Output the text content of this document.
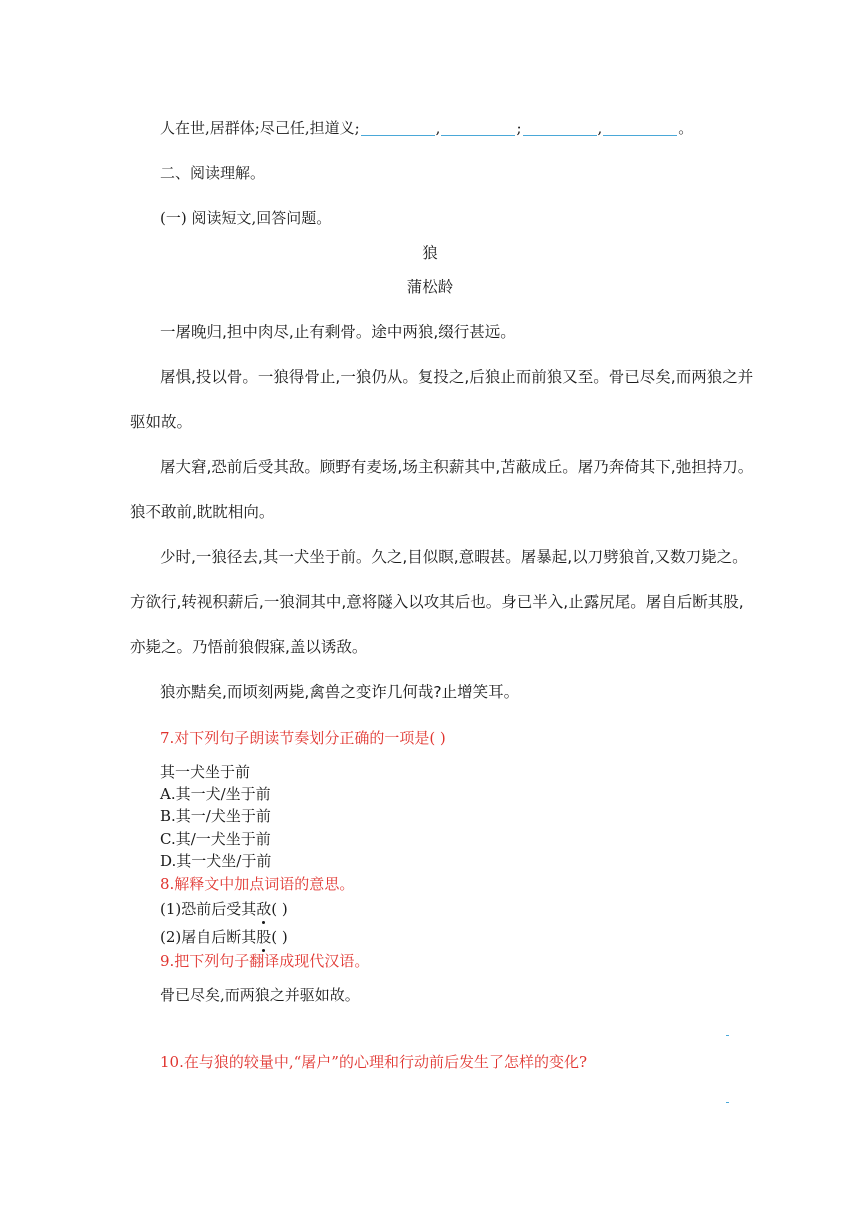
人在世,居群体;尽己任,担道义;	,	;	,	。
二、阅读理解。
(一) 阅读短文,回答问题。
狼
蒲松龄
一屠晚归,担中肉尽,止有剩骨。途中两狼,缀行甚远。
屠惧,投以骨。一狼得骨止,一狼仍从。复投之,后狼止而前狼又至。骨已尽矣,而两狼之并
驱如故。
屠大窘,恐前后受其敌。顾野有麦场,场主积薪其中,苫蔽成丘。屠乃奔倚其下,弛担持刀。
狼不敢前,眈眈相向。
少时,一狼径去,其一犬坐于前。久之,目似瞑,意暇甚。屠暴起,以刀劈狼首,又数刀毙之。
方欲行,转视积薪后,一狼洞其中,意将隧入以攻其后也。身已半入,止露尻尾。屠自后断其股,
亦毙之。乃悟前狼假寐,盖以诱敌。
狼亦黠矣,而顷刻两毙,禽兽之变诈几何哉?止增笑耳。
7.对下列句子朗读节奏划分正确的一项是( )
其一犬坐于前
A.其一犬/坐于前
B.其一/犬坐于前
C.其/一犬坐于前
D.其一犬坐/于前
8.解释文中加点词语的意思。
(1)恐前后受其敌( )
(2)屠自后断其股( )
9.把下列句子翻译成现代汉语。
骨已尽矣,而两狼之并驱如故。
10.在与狼的较量中,“屠户”的心理和行动前后发生了怎样的变化?
